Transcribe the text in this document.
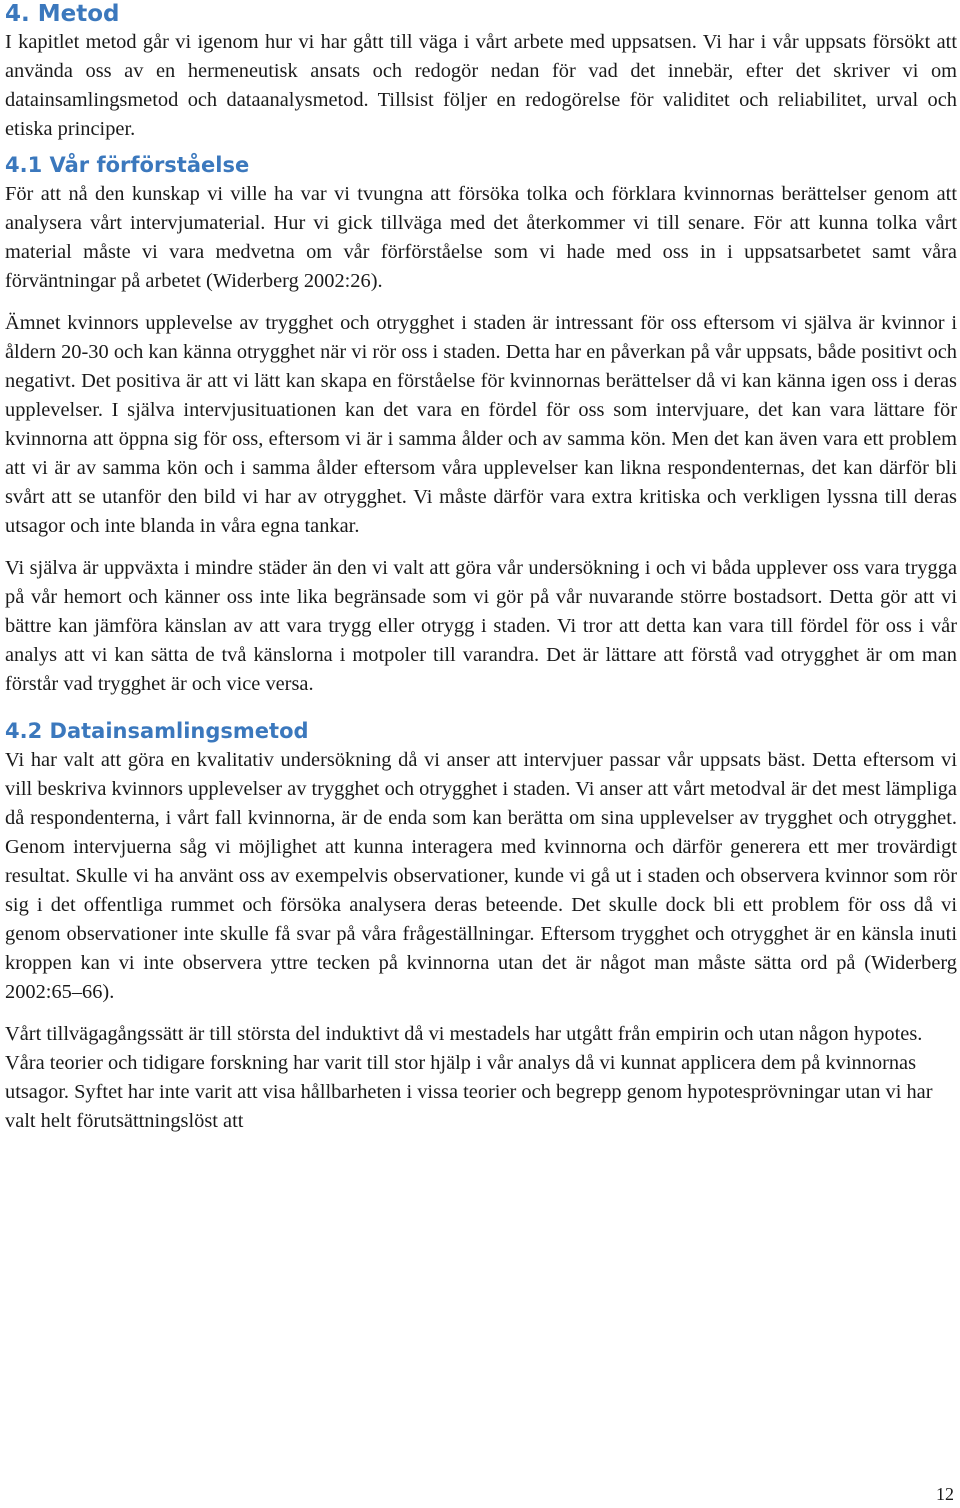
4. Metod

I kapitlet metod går vi igenom hur vi har gått till väga i vårt arbete med uppsatsen. Vi har i vår uppsats försökt att använda oss av en hermeneutisk ansats och redogör nedan för vad det innebär, efter det skriver vi om datainsamlingsmetod och dataanalysmetod. Tillsist följer en redogörelse för validitet och reliabilitet, urval och etiska principer.

4.1 Vår förförståelse

För att nå den kunskap vi ville ha var vi tvungna att försöka tolka och förklara kvinnornas berättelser genom att analysera vårt intervjumaterial. Hur vi gick tillväga med det återkommer vi till senare. För att kunna tolka vårt material måste vi vara medvetna om vår förförståelse som vi hade med oss in i uppsatsarbetet samt våra förväntningar på arbetet (Widerberg 2002:26).

Ämnet kvinnors upplevelse av trygghet och otrygghet i staden är intressant för oss eftersom vi själva är kvinnor i åldern 20-30 och kan känna otrygghet när vi rör oss i staden. Detta har en påverkan på vår uppsats, både positivt och negativt. Det positiva är att vi lätt kan skapa en förståelse för kvinnornas berättelser då vi kan känna igen oss i deras upplevelser. I själva intervjusituationen kan det vara en fördel för oss som intervjuare, det kan vara lättare för kvinnorna att öppna sig för oss, eftersom vi är i samma ålder och av samma kön. Men det kan även vara ett problem att vi är av samma kön och i samma ålder eftersom våra upplevelser kan likna respondenternas, det kan därför bli svårt att se utanför den bild vi har av otrygghet. Vi måste därför vara extra kritiska och verkligen lyssna till deras utsagor och inte blanda in våra egna tankar.

Vi själva är uppväxta i mindre städer än den vi valt att göra vår undersökning i och vi båda upplever oss vara trygga på vår hemort och känner oss inte lika begränsade som vi gör på vår nuvarande större bostadsort. Detta gör att vi bättre kan jämföra känslan av att vara trygg eller otrygg i staden. Vi tror att detta kan vara till fördel för oss i vår analys att vi kan sätta de två känslorna i motpoler till varandra. Det är lättare att förstå vad otrygghet är om man förstår vad trygghet är och vice versa.

4.2 Datainsamlingsmetod

Vi har valt att göra en kvalitativ undersökning då vi anser att intervjuer passar vår uppsats bäst. Detta eftersom vi vill beskriva kvinnors upplevelser av trygghet och otrygghet i staden. Vi anser att vårt metodval är det mest lämpliga då respondenterna, i vårt fall kvinnorna, är de enda som kan berätta om sina upplevelser av trygghet och otrygghet. Genom intervjuerna såg vi möjlighet att kunna interagera med kvinnorna och därför generera ett mer trovärdigt resultat. Skulle vi ha använt oss av exempelvis observationer, kunde vi gå ut i staden och observera kvinnor som rör sig i det offentliga rummet och försöka analysera deras beteende. Det skulle dock bli ett problem för oss då vi genom observationer inte skulle få svar på våra frågeställningar. Eftersom trygghet och otrygghet är en känsla inuti kroppen kan vi inte observera yttre tecken på kvinnorna utan det är något man måste sätta ord på (Widerberg 2002:65–66).

Vårt tillvägagångssätt är till största del induktivt då vi mestadels har utgått från empirin och utan någon hypotes. Våra teorier och tidigare forskning har varit till stor hjälp i vår analys då vi kunnat applicera dem på kvinnornas utsagor. Syftet har inte varit att visa hållbarheten i vissa teorier och begrepp genom hypotesprövningar utan vi har valt helt förutsättningslöst att

12
